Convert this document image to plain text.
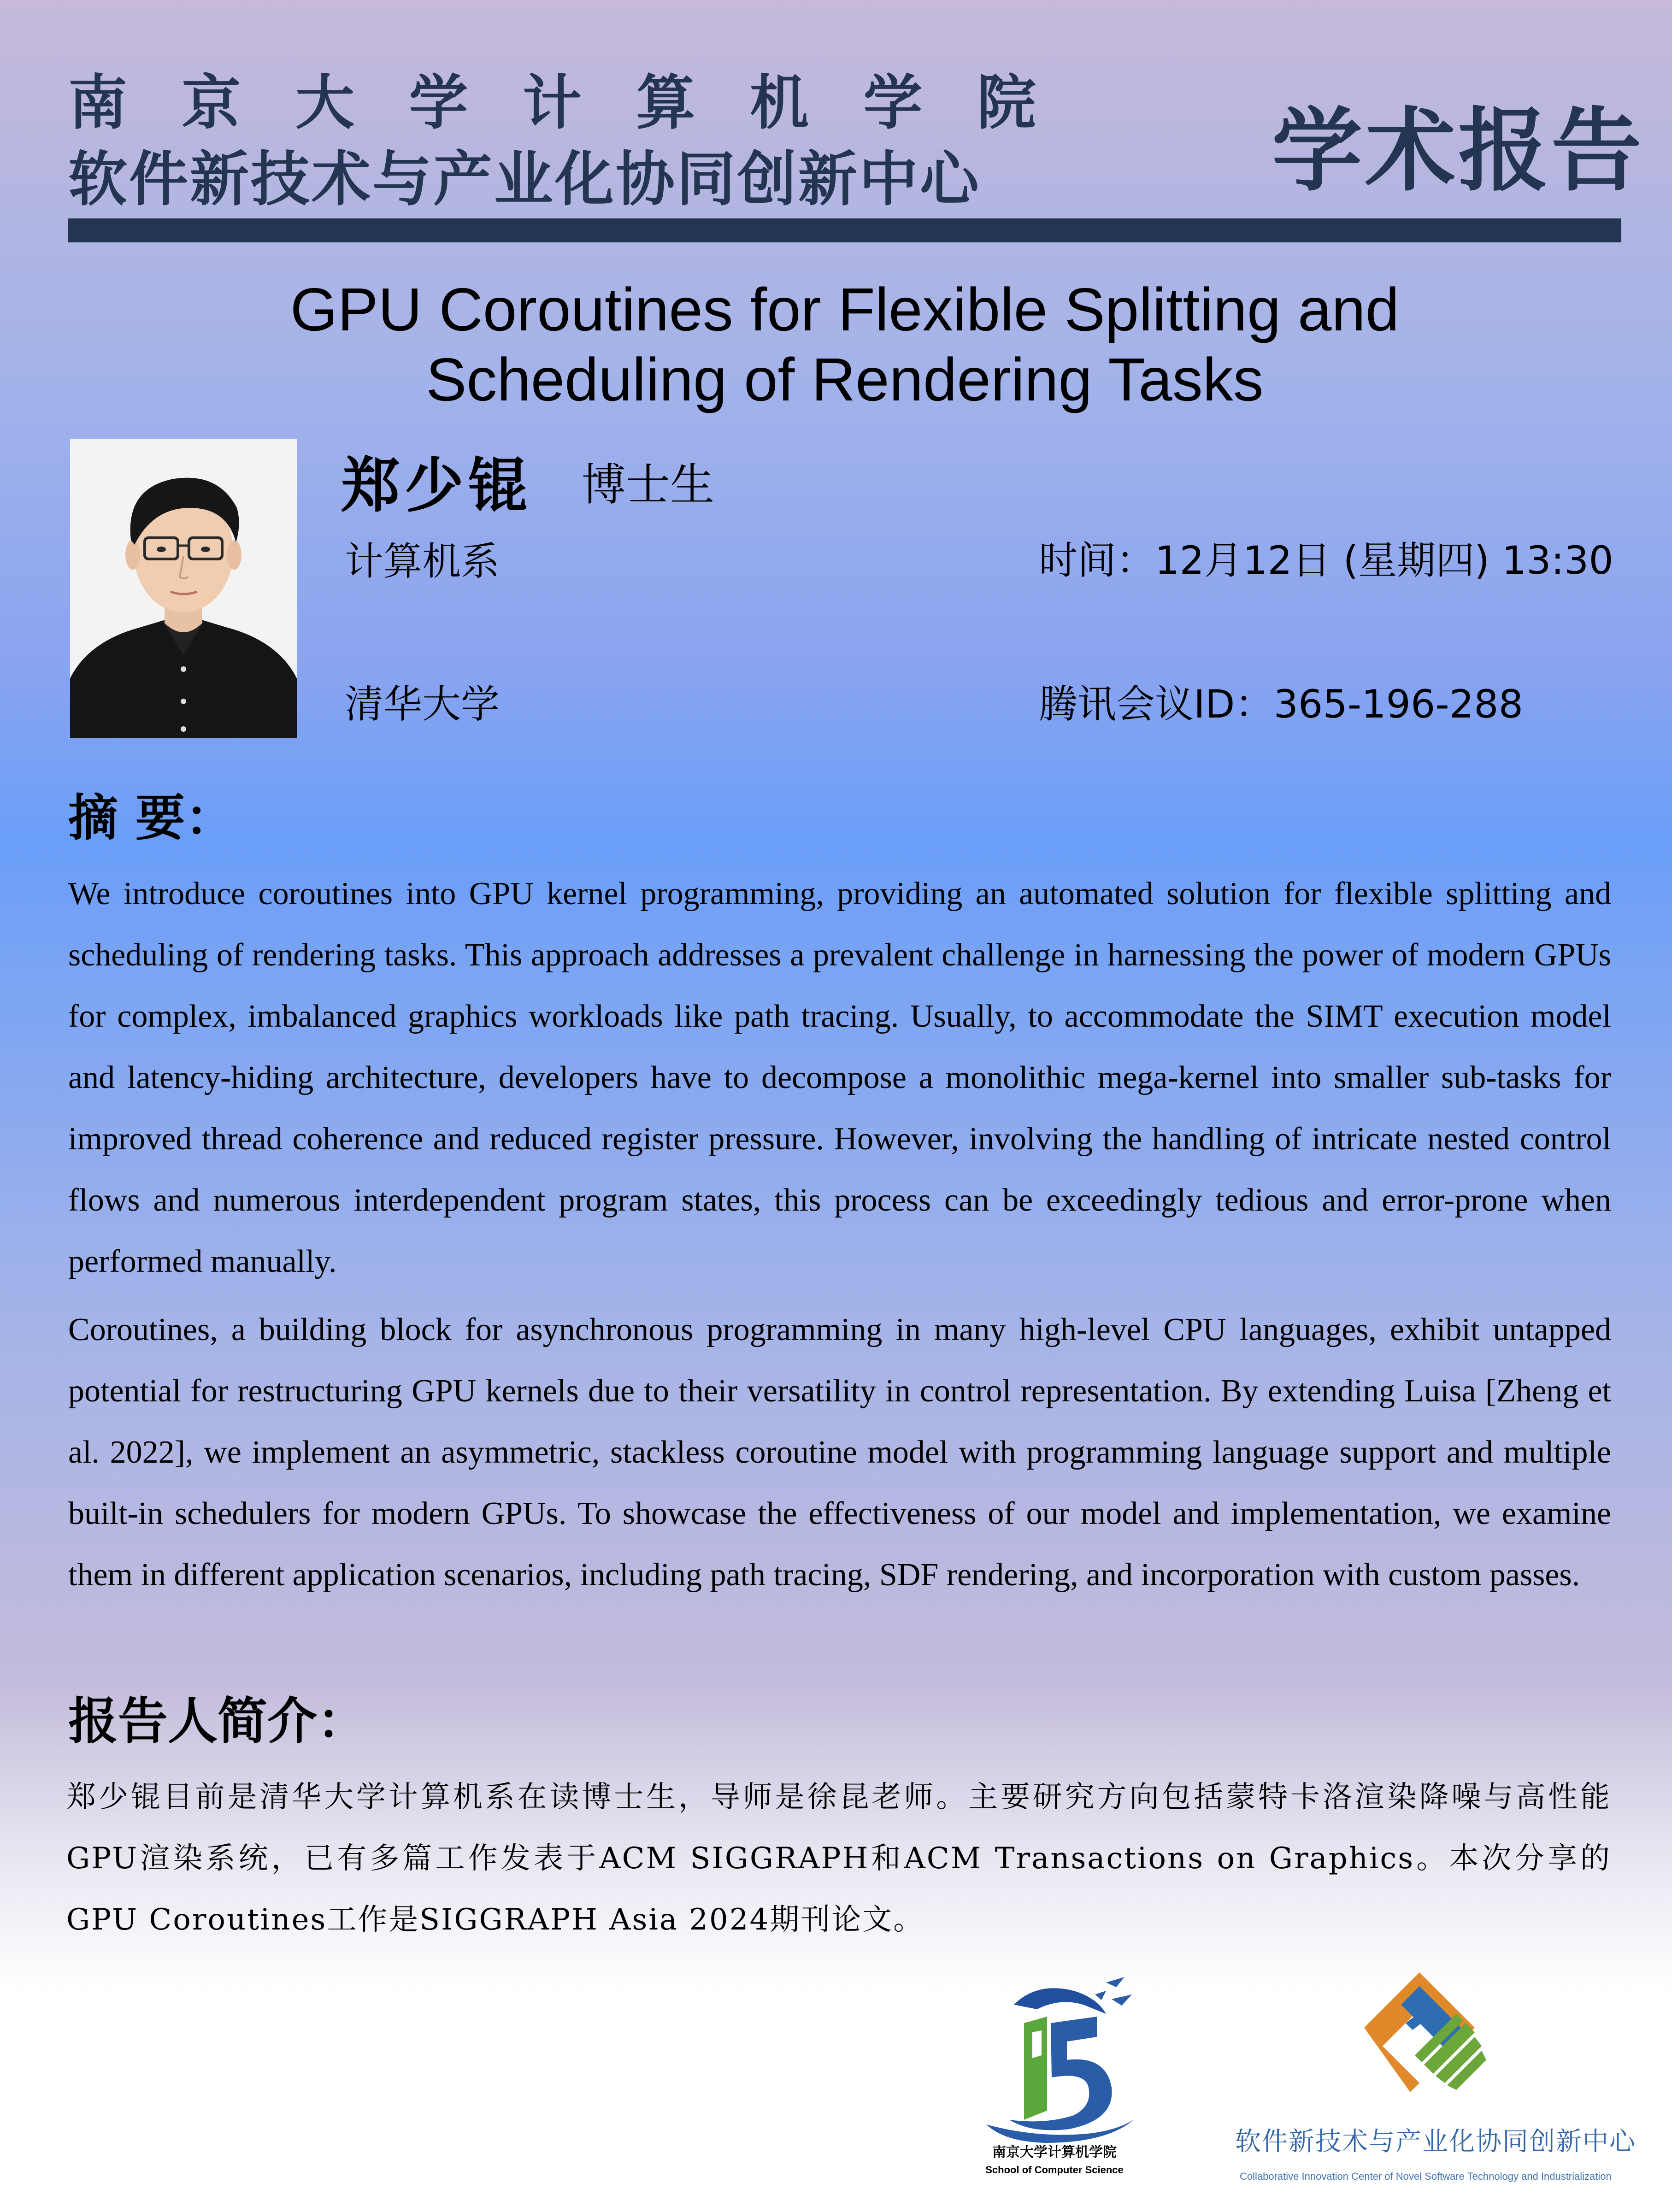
南 京 大 学 计 算 机 学 院
软件新技术与产业化协同创新中心	学术报告
GPU Coroutines for Flexible Splitting and
Scheduling of Rendering Tasks
郑少锟 博士生
计算机系
清华大学
时间：12月12日 (星期四) 13:30
腾讯会议ID：365-196-288
摘 要：

We introduce coroutines into GPU kernel programming, providing an automated solution for flexible splitting and scheduling of rendering tasks. This approach addresses a prevalent challenge in harnessing the power of modern GPUs for complex, imbalanced graphics workloads like path tracing. Usually, to accommodate the SIMT execution model and latency-hiding architecture, developers have to decompose a monolithic mega-kernel into smaller sub-tasks for improved thread coherence and reduced register pressure. However, involving the handling of intricate nested control flows and numerous interdependent program states, this process can be exceedingly tedious and error-prone when performed manually.

Coroutines, a building block for asynchronous programming in many high-level CPU languages, exhibit untapped potential for restructuring GPU kernels due to their versatility in control representation. By extending Luisa [Zheng et al. 2022], we implement an asymmetric, stackless coroutine model with programming language support and multiple built-in schedulers for modern GPUs. To showcase the effectiveness of our model and implementation, we examine them in different application scenarios, including path tracing, SDF rendering, and incorporation with custom passes.

报告人简介：

郑少锟目前是清华大学计算机系在读博士生，导师是徐昆老师。主要研究方向包括蒙特卡洛渲染降噪与高性能GPU渲染系统，已有多篇工作发表于ACM SIGGRAPH和ACM Transactions on Graphics。本次分享的GPU Coroutines工作是SIGGRAPH Asia 2024期刊论文。

南京大学计算机学院
School of Computer Science
软件新技术与产业化协同创新中心
Collaborative Innovation Center of Novel Software Technology and Industrialization
